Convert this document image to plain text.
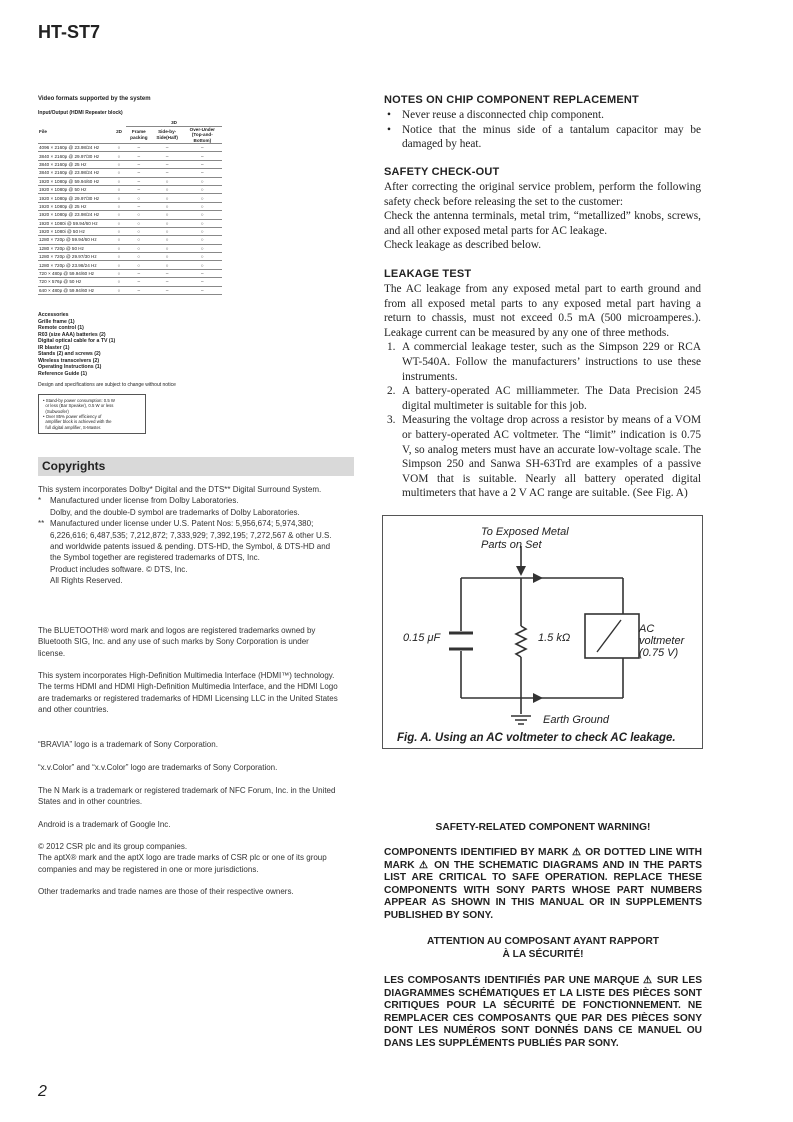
HT-ST7
Video formats supported by the system
Input/Output (HDMI Repeater block)
File	2D	3D		
		Frame packing	Side-by-Side(Half)	Over-Under (Top-and-Bottom)
4096 × 2160p @ 23.98/24 Hz	○	–	–	–
3840 × 2160p @ 29.97/30 Hz	○	–	–	–
3840 × 2160p @ 25 Hz	○	–	–	–
3840 × 2160p @ 23.98/24 Hz	○	–	–	–
1920 × 1080p @ 59.94/60 Hz	○	–	○	○
1920 × 1080p @ 50 Hz	○	–	○	○
1920 × 1080p @ 29.97/30 Hz	○	○	○	○
1920 × 1080p @ 25 Hz	○	–	○	○
1920 × 1080p @ 23.98/24 Hz	○	○	○	○
1920 × 1080i @ 59.94/60 Hz	○	○	○	○
1920 × 1080i @ 50 Hz	○	○	○	○
1280 × 720p @ 59.94/60 Hz	○	○	○	○
1280 × 720p @ 50 Hz	○	○	○	○
1280 × 720p @ 29.97/30 Hz	○	○	○	○
1280 × 720p @ 23.98/24 Hz	○	○	○	○
720 × 480p @ 59.94/60 Hz	○	–	–	–
720 × 576p @ 50 Hz	○	–	–	–
640 × 480p @ 59.94/60 Hz	○	–	–	–
Accessories
Grille frame (1)
Remote control (1)
R03 (size AAA) batteries (2)
Digital optical cable for a TV (1)
IR blaster (1)
Stands (2) and screws (2)
Wireless transceivers (2)
Operating Instructions (1)
Reference Guide (1)
Design and specifications are subject to change without notice
• Stand-by power consumption: 0.5 W
or less (Bar Speaker), 0.5 W or less
(Subwoofer)
• Over 85% power efficiency of
amplifier block is achieved with the
full digital amplifier, S-Master.
Copyrights

This system incorporates Dolby* Digital and the DTS** Digital Surround System.

* Manufactured under license from Dolby Laboratories.

Dolby, and the double-D symbol are trademarks of Dolby Laboratories.

** Manufactured under license under U.S. Patent Nos: 5,956,674; 5,974,380; 6,226,616; 6,487,535; 7,212,872; 7,333,929; 7,392,195; 7,272,567 & other U.S. and worldwide patents issued & pending. DTS-HD, the Symbol, & DTS-HD and the Symbol together are registered trademarks of DTS, Inc.

Product includes software. © DTS, Inc.

All Rights Reserved.

The BLUETOOTH® word mark and logos are registered trademarks owned by Bluetooth SIG, Inc. and any use of such marks by Sony Corporation is under license.

This system incorporates High-Definition Multimedia Interface (HDMI™) technology.

The terms HDMI and HDMI High-Definition Multimedia Interface, and the HDMI Logo are trademarks or registered trademarks of HDMI Licensing LLC in the United States and other countries.

“BRAVIA” logo is a trademark of Sony Corporation.
“x.v.Color” and “x.v.Color” logo are trademarks of Sony Corporation.
The N Mark is a trademark or registered trademark of NFC Forum, Inc. in the United States and in other countries.
Android is a trademark of Google Inc.

© 2012 CSR plc and its group companies.

The aptX® mark and the aptX logo are trade marks of CSR plc or one of its group companies and may be registered in one or more jurisdictions.

Other trademarks and trade names are those of their respective owners.
NOTES ON CHIP COMPONENT REPLACEMENT
• Never reuse a disconnected chip component.
• Notice that the minus side of a tantalum capacitor may be damaged by heat.
SAFETY CHECK-OUT

After correcting the original service problem, perform the following safety check before releasing the set to the customer:

Check the antenna terminals, metal trim, “metallized” knobs, screws, and all other exposed metal parts for AC leakage.

Check leakage as described below.

LEAKAGE TEST

The AC leakage from any exposed metal part to earth ground and from all exposed metal parts to any exposed metal part having a return to chassis, must not exceed 0.5 mA (500 microamperes.). Leakage current can be measured by any one of three methods.

1. A commercial leakage tester, such as the Simpson 229 or RCA WT-540A. Follow the manufacturers’ instructions to use these instruments.
2. A battery-operated AC milliammeter. The Data Precision 245 digital multimeter is suitable for this job.
3. Measuring the voltage drop across a resistor by means of a VOM or battery-operated AC voltmeter. The “limit” indication is 0.75 V, so analog meters must have an accurate low-voltage scale. The Simpson 250 and Sanwa SH-63Trd are examples of a passive VOM that is suitable. Nearly all battery operated digital multimeters that have a 2 V AC range are suitable. (See Fig. A)
To Exposed Metal
Parts on Set
0.15 μF	1.5 kΩ
AC
voltmeter
(0.75 V)
Earth Ground
Fig. A. Using an AC voltmeter to check AC leakage.
SAFETY-RELATED COMPONENT WARNING!
COMPONENTS IDENTIFIED BY MARK ⚠ OR DOTTED LINE WITH MARK ⚠ ON THE SCHEMATIC DIAGRAMS AND IN THE PARTS LIST ARE CRITICAL TO SAFE OPERATION. REPLACE THESE COMPONENTS WITH SONY PARTS WHOSE PART NUMBERS APPEAR AS SHOWN IN THIS MANUAL OR IN SUPPLEMENTS PUBLISHED BY SONY.

ATTENTION AU COMPOSANT AYANT RAPPORT

À LA SÉCURITÉ!

LES COMPOSANTS IDENTIFIÉS PAR UNE MARQUE ⚠ SUR LES DIAGRAMMES SCHÉMATIQUES ET LA LISTE DES PIÈCES SONT CRITIQUES POUR LA SÉCURITÉ DE FONCTIONNEMENT. NE REMPLACER CES COMPOSANTS QUE PAR DES PIÈCES SONY DONT LES NUMÉROS SONT DONNÉS DANS CE MANUEL OU DANS LES SUPPLÉMENTS PUBLIÉS PAR SONY.
2
